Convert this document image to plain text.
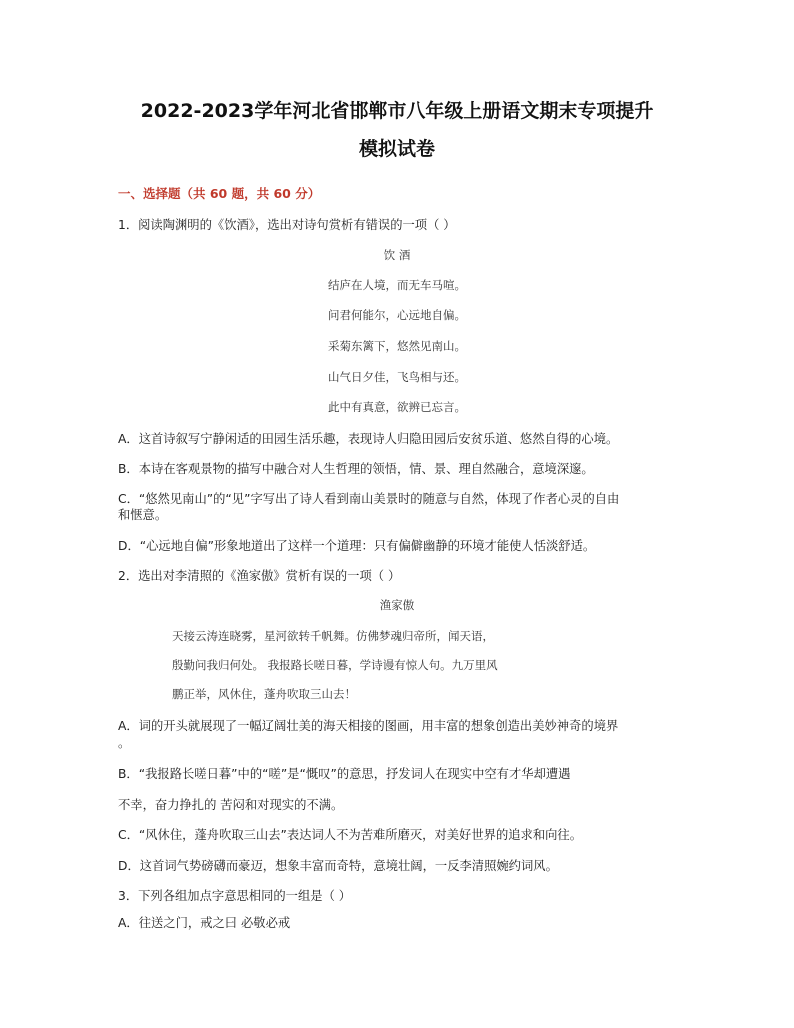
2022-2023学年河北省邯郸市八年级上册语文期末专项提升
模拟试卷
一、选择题（共 60 题，共 60 分）
1．阅读陶渊明的《饮酒》，选出对诗句赏析有错误的一项（ ）
饮 酒
结庐在人境，而无车马喧。
问君何能尔，心远地自偏。
采菊东篱下，悠然见南山。
山气日夕佳，飞鸟相与还。
此中有真意，欲辨已忘言。
A．这首诗叙写宁静闲适的田园生活乐趣，表现诗人归隐田园后安贫乐道、悠然自得的心境。
B．本诗在客观景物的描写中融合对人生哲理的领悟，情、景、理自然融合，意境深邃。
C．“悠然见南山”的“见”字写出了诗人看到南山美景时的随意与自然，体现了作者心灵的自由
和惬意。
D．“心远地自偏”形象地道出了这样一个道理：只有偏僻幽静的环境才能使人恬淡舒适。
2．选出对李清照的《渔家傲》赏析有误的一项（ ）
渔家傲
天接云涛连晓雾，星河欲转千帆舞。仿佛梦魂归帝所，闻天语，
殷勤问我归何处。 我报路长嗟日暮，学诗谩有惊人句。九万里风
鹏正举，风休住，蓬舟吹取三山去！
A．词的开头就展现了一幅辽阔壮美的海天相接的图画，用丰富的想象创造出美妙神奇的境界
。
B．“我报路长嗟日暮”中的“嗟”是“慨叹”的意思，抒发词人在现实中空有才华却遭遇
不幸，奋力挣扎的 苦闷和对现实的不满。
C．“风休住，蓬舟吹取三山去”表达词人不为苦难所磨灭，对美好世界的追求和向往。
D．这首词气势磅礴而豪迈，想象丰富而奇特，意境壮阔，一反李清照婉约词风。
3．下列各组加点字意思相同的一组是（ ）
A．往送之门，戒之曰 必敬必戒
